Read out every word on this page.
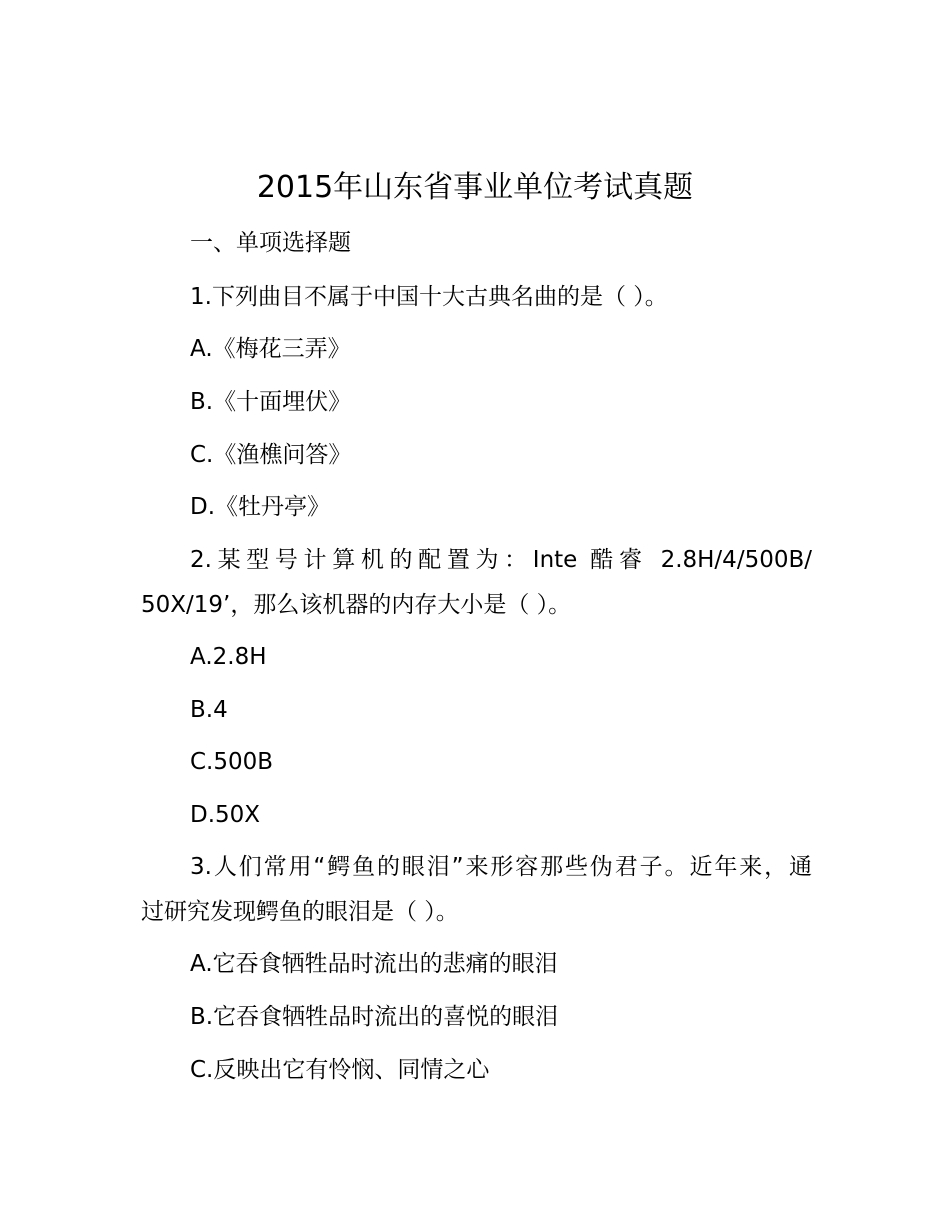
2015年山东省事业单位考试真题
一、单项选择题
1.下列曲目不属于中国十大古典名曲的是（ ）。
A.《梅花三弄》
B.《十面埋伏》
C.《渔樵问答》
D.《牡丹亭》
2.某型号计算机的配置为：Inte 酷睿 2.8H/4/500B/
50X/19’，那么该机器的内存大小是（ ）。
A.2.8H
B.4
C.500B
D.50X
3.人们常用“鳄鱼的眼泪”来形容那些伪君子。近年来，通
过研究发现鳄鱼的眼泪是（ ）。
A.它吞食牺牲品时流出的悲痛的眼泪
B.它吞食牺牲品时流出的喜悦的眼泪
C.反映出它有怜悯、同情之心
